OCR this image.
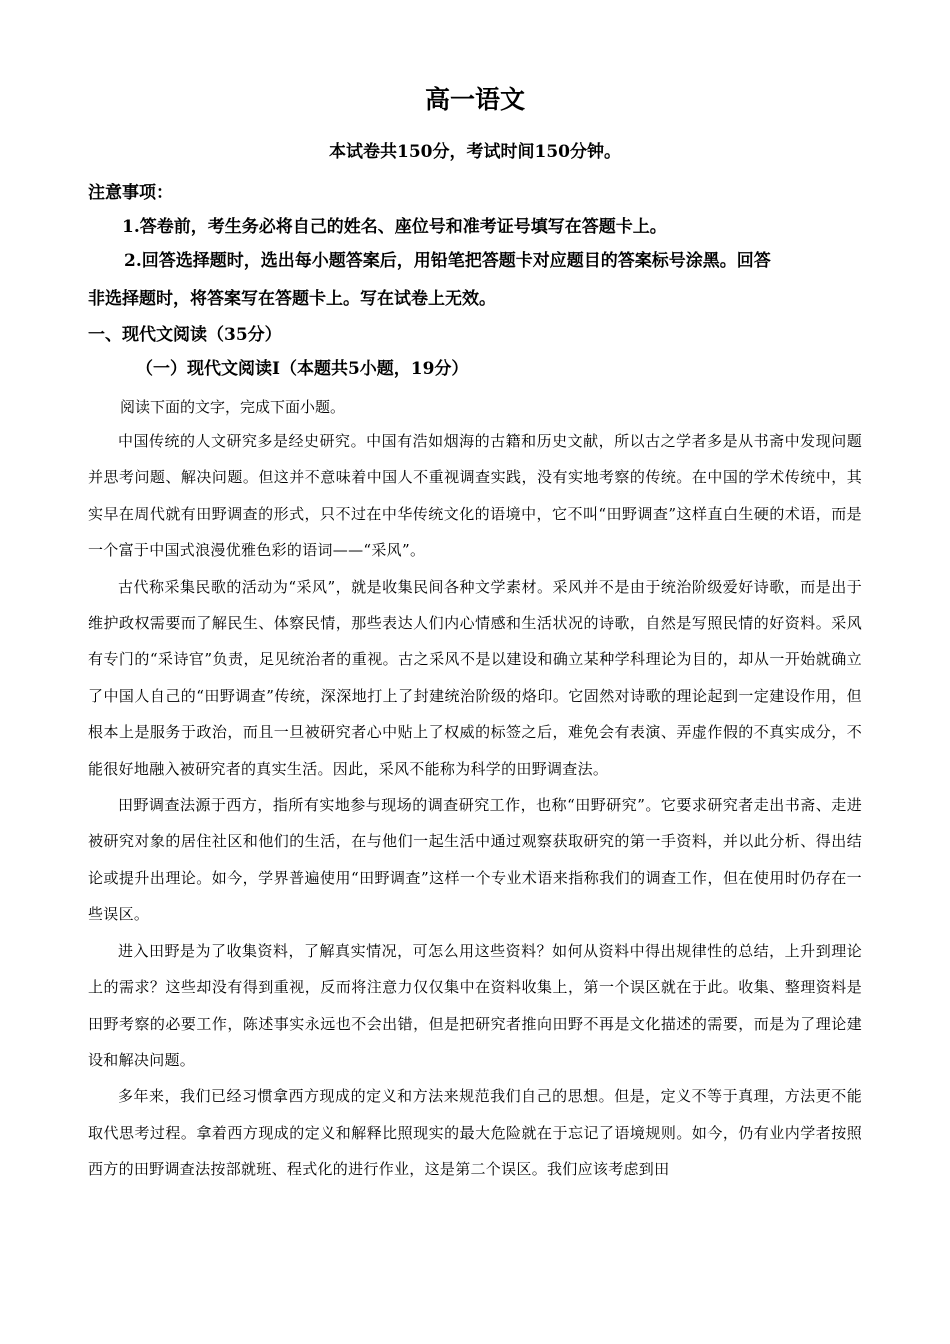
高一语文
本试卷共150分，考试时间150分钟。
注意事项：
1.答卷前，考生务必将自己的姓名、座位号和准考证号填写在答题卡上。
2.回答选择题时，选出每小题答案后，用铅笔把答题卡对应题目的答案标号涂黑。回答
非选择题时，将答案写在答题卡上。写在试卷上无效。
一、现代文阅读（35分）
（一）现代文阅读Ⅰ（本题共5小题，19分）
阅读下面的文字，完成下面小题。

中国传统的人文研究多是经史研究。中国有浩如烟海的古籍和历史文献，所以古之学者多是从书斋中发现问题并思考问题、解决问题。但这并不意味着中国人不重视调查实践，没有实地考察的传统。在中国的学术传统中，其实早在周代就有田野调查的形式，只不过在中华传统文化的语境中，它不叫“田野调查”这样直白生硬的术语，而是一个富于中国式浪漫优雅色彩的语词——“采风”。

古代称采集民歌的活动为“采风”，就是收集民间各种文学素材。采风并不是由于统治阶级爱好诗歌，而是出于维护政权需要而了解民生、体察民情，那些表达人们内心情感和生活状况的诗歌，自然是写照民情的好资料。采风有专门的“采诗官”负责，足见统治者的重视。古之采风不是以建设和确立某种学科理论为目的，却从一开始就确立了中国人自己的“田野调查”传统，深深地打上了封建统治阶级的烙印。它固然对诗歌的理论起到一定建设作用，但根本上是服务于政治，而且一旦被研究者心中贴上了权威的标签之后，难免会有表演、弄虚作假的不真实成分，不能很好地融入被研究者的真实生活。因此，采风不能称为科学的田野调查法。

田野调查法源于西方，指所有实地参与现场的调查研究工作，也称“田野研究”。它要求研究者走出书斋、走进被研究对象的居住社区和他们的生活，在与他们一起生活中通过观察获取研究的第一手资料，并以此分析、得出结论或提升出理论。如今，学界普遍使用“田野调查”这样一个专业术语来指称我们的调查工作，但在使用时仍存在一些误区。

进入田野是为了收集资料，了解真实情况，可怎么用这些资料？如何从资料中得出规律性的总结，上升到理论上的需求？这些却没有得到重视，反而将注意力仅仅集中在资料收集上，第一个误区就在于此。收集、整理资料是田野考察的必要工作，陈述事实永远也不会出错，但是把研究者推向田野不再是文化描述的需要，而是为了理论建设和解决问题。

多年来，我们已经习惯拿西方现成的定义和方法来规范我们自己的思想。但是，定义不等于真理，方法更不能取代思考过程。拿着西方现成的定义和解释比照现实的最大危险就在于忘记了语境规则。如今，仍有业内学者按照西方的田野调查法按部就班、程式化的进行作业，这是第二个误区。我们应该考虑到田
